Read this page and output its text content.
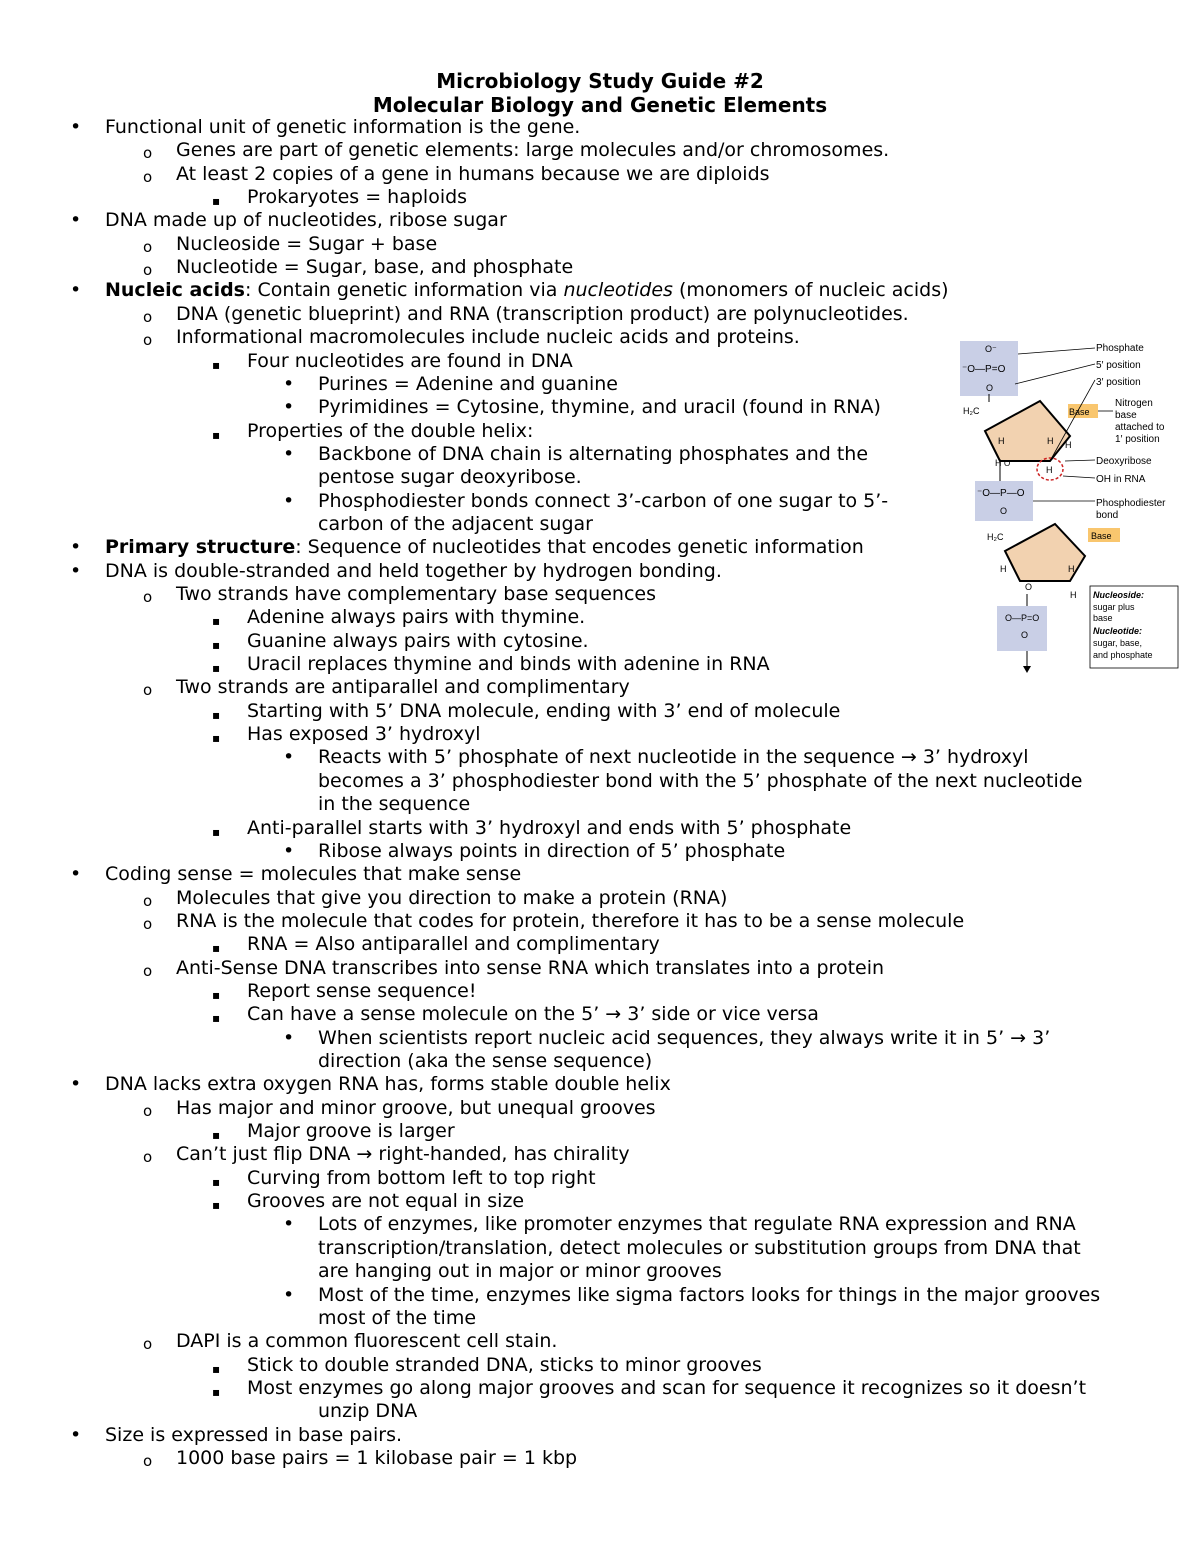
Microbiology Study Guide #2
Molecular Biology and Genetic Elements
• Functional unit of genetic information is the gene.
o Genes are part of genetic elements: large molecules and/or chromosomes.
o At least 2 copies of a gene in humans because we are diploids
▪ Prokaryotes = haploids
• DNA made up of nucleotides, ribose sugar
o Nucleoside = Sugar + base
o Nucleotide = Sugar, base, and phosphate
• Nucleic acids: Contain genetic information via nucleotides (monomers of nucleic acids)
o DNA (genetic blueprint) and RNA (transcription product) are polynucleotides.
o Informational macromolecules include nucleic acids and proteins.
▪ Four nucleotides are found in DNA
• Purines = Adenine and guanine
• Pyrimidines = Cytosine, thymine, and uracil (found in RNA)
▪ Properties of the double helix:
• Backbone of DNA chain is alternating phosphates and the
pentose sugar deoxyribose.
• Phosphodiester bonds connect 3’-carbon of one sugar to 5’-
carbon of the adjacent sugar
• Primary structure: Sequence of nucleotides that encodes genetic information
• DNA is double-stranded and held together by hydrogen bonding.
o Two strands have complementary base sequences
▪ Adenine always pairs with thymine.
▪ Guanine always pairs with cytosine.
▪ Uracil replaces thymine and binds with adenine in RNA
o Two strands are antiparallel and complimentary
▪ Starting with 5’ DNA molecule, ending with 3’ end of molecule
▪ Has exposed 3’ hydroxyl
• Reacts with 5’ phosphate of next nucleotide in the sequence → 3’ hydroxyl
becomes a 3’ phosphodiester bond with the 5’ phosphate of the next nucleotide
in the sequence
▪ Anti-parallel starts with 3’ hydroxyl and ends with 5’ phosphate
• Ribose always points in direction of 5’ phosphate
• Coding sense = molecules that make sense
o Molecules that give you direction to make a protein (RNA)
o RNA is the molecule that codes for protein, therefore it has to be a sense molecule
▪ RNA = Also antiparallel and complimentary
o Anti-Sense DNA transcribes into sense RNA which translates into a protein
▪ Report sense sequence!
▪ Can have a sense molecule on the 5’ → 3’ side or vice versa
• When scientists report nucleic acid sequences, they always write it in 5’ → 3’
direction (aka the sense sequence)
• DNA lacks extra oxygen RNA has, forms stable double helix
o Has major and minor groove, but unequal grooves
▪ Major groove is larger
o Can’t just flip DNA → right-handed, has chirality
▪ Curving from bottom left to top right
▪ Grooves are not equal in size
• Lots of enzymes, like promoter enzymes that regulate RNA expression and RNA
transcription/translation, detect molecules or substitution groups from DNA that
are hanging out in major or minor grooves
• Most of the time, enzymes like sigma factors looks for things in the major grooves
most of the time
o DAPI is a common fluorescent cell stain.
▪ Stick to double stranded DNA, sticks to minor grooves
▪ Most enzymes go along major grooves and scan for sequence it recognizes so it doesn’t
unzip DNA
• Size is expressed in base pairs.
o 1000 base pairs = 1 kilobase pair = 1 kbp
O⁻
⁻O—P=O
O
H₂C	Base
H	H
H
H
O
H
⁻O—P—O
O
H₂C	Base
H	H
O
H
O—P=O
O
Phosphate
5′ position
3′ position
Nitrogen
base
attached to
1′ position
Deoxyribose
OH in RNA
Phosphodiester
bond
Nucleoside:
sugar plus
base
Nucleotide:
sugar, base,
and phosphate
